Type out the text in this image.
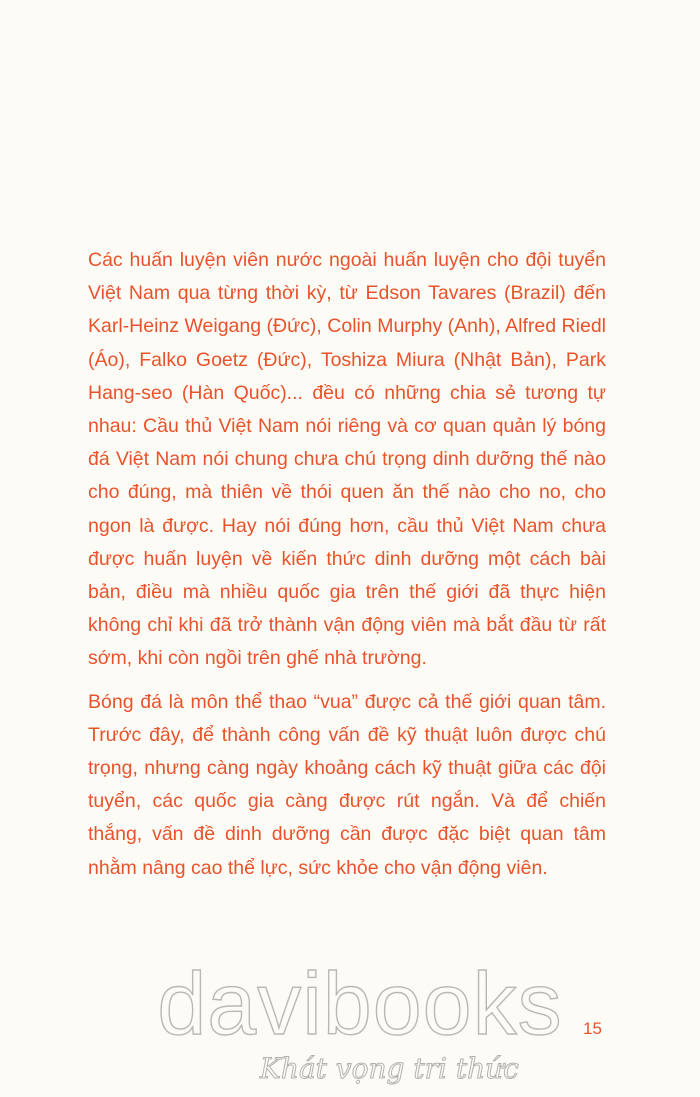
Các huấn luyện viên nước ngoài huấn luyện cho đội tuyển Việt Nam qua từng thời kỳ, từ Edson Tavares (Brazil) đến Karl-Heinz Weigang (Đức), Colin Murphy (Anh), Alfred Riedl (Áo), Falko Goetz (Đức), Toshiza Miura (Nhật Bản), Park Hang-seo (Hàn Quốc)... đều có những chia sẻ tương tự nhau: Cầu thủ Việt Nam nói riêng và cơ quan quản lý bóng đá Việt Nam nói chung chưa chú trọng dinh dưỡng thế nào cho đúng, mà thiên về thói quen ăn thế nào cho no, cho ngon là được. Hay nói đúng hơn, cầu thủ Việt Nam chưa được huấn luyện về kiến thức dinh dưỡng một cách bài bản, điều mà nhiều quốc gia trên thế giới đã thực hiện không chỉ khi đã trở thành vận động viên mà bắt đầu từ rất sớm, khi còn ngồi trên ghế nhà trường.

Bóng đá là môn thể thao “vua” được cả thế giới quan tâm. Trước đây, để thành công vấn đề kỹ thuật luôn được chú trọng, nhưng càng ngày khoảng cách kỹ thuật giữa các đội tuyển, các quốc gia càng được rút ngắn. Và để chiến thắng, vấn đề dinh dưỡng cần được đặc biệt quan tâm nhằm nâng cao thể lực, sức khỏe cho vận động viên.

davibooks
Khát vọng tri thức
15
